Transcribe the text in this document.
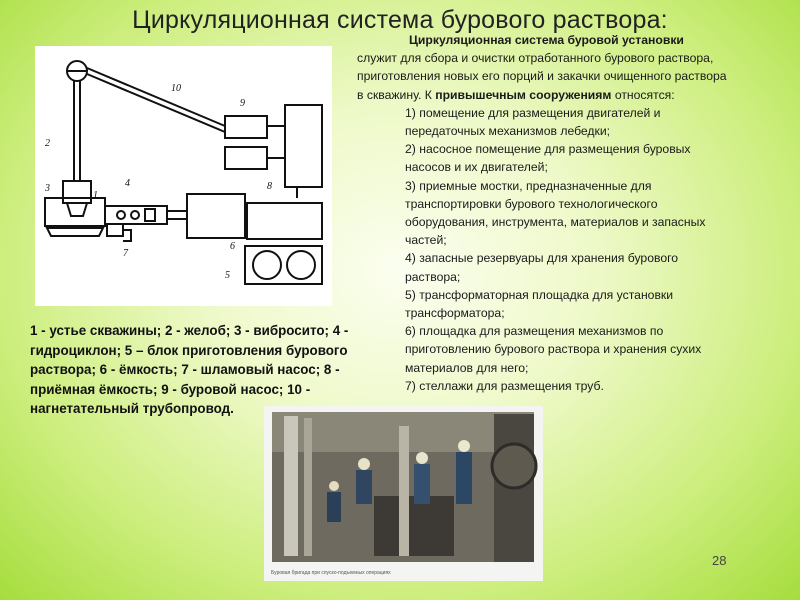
Циркуляционная система бурового раствора:
2
3	4
5
6
7
8
9
10
1
1 - устье скважины; 2 - желоб; 3 - вибросито; 4 - гидроциклон; 5 – блок приготовления бурового раствора; 6 - ёмкость; 7 - шламовый насос; 8 - приёмная ёмкость; 9 - буровой насос; 10 - нагнетательный трубопровод.

Циркуляционная система буровой установки
служит для сбора и очистки отработанного бурового раствора, приготовления новых его порций и закачки очищенного раствора в скважину. К привышечным сооружениям относятся:

1) помещение для размещения двигателей и передаточных механизмов лебедки;

2) насосное помещение для размещения буровых насосов и их двигателей;

3) приемные мостки, предназначенные для транспортировки бурового технологического оборудования, инструмента, материалов и запасных частей;

4) запасные резервуары для хранения бурового раствора;

5) трансформаторная площадка для установки трансформатора;

6) площадка для размещения механизмов по приготовлению бурового раствора и хранения сухих материалов для него;

7) стеллажи для размещения труб.

Буровая бригада при спуско-подъемных операциях
28
